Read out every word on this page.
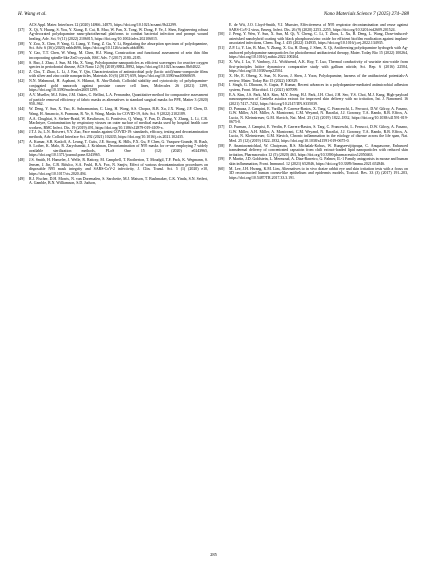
H. Wang et al.	Nano Materials Science 7 (2025) 274–288
ACS Appl. Mater. Interfaces 12 (2020) 14866–14875, https://doi.org/10.1021/acsami.9b22299.
[37] X. Qi, Y. Huang, S. You, Y. Xiang, E. Cai, R. Mao, W. Pan, X. Tong, W. Dong, F. Ye, J. Shen, Engineering robust Ag-decorated polydopamine nano-photothermal platforms to combat bacterial infection and prompt wound healing, Adv. Sci. 9 (11) (2022) 2106015, https://doi.org/10.1002/advs.202106015.
[38] Y. Zou, X. Chen, P. Yang, G. Liang, Y. Yang, Z. Gu, Y. Li, Regulating the absorption spectrum of polydopamine, Sci. Adv. 6 (36) (2020) eabb4696, https://doi.org/10.1126/sciadv.abb4696.
[39] Y. Cao, T.T. Chen, W. Wang, M. Chen, H.J. Wang, Construction and functional assessment of zein thin film incorporating spindle-like ZnO crystals, RSC Adv. 7 (2017) 2180–2185.
[40] S. Bao, J. Zhao, J. Sun, M. Hu, X. Yang, Polydopamine nanoparticles as efficient scavengers for reactive oxygen species in periodontal disease, ACS Nano 12 (9) (2018) 8882–8892, https://doi.org/10.1021/acsnano.8b04022.
[41] Z. Chu, T. Zhao, L. Li, J. Fan, Y. Qin, Characterization of antimicrobial poly (lactic acid)/nano-composite films with silver and zinc oxide nanoparticles, Materials 10 (6) (2017) 659, https://doi.org/10.3390/ma10060659.
[42] N.N. Mahmoud, H. Aqabani, S. Hikmat, R. Abu-Dahab, Colloidal stability and cytotoxicity of polydopamine-conjugated gold nanorods against prostate cancer cell lines, Molecules 26 (2021) 1299, https://doi.org/10.3390/molecules26051299.
[43] A.V. Mueller, M.J. Eden, J.M. Oakes, C. Bellini, L.A. Fernandez, Quantitative method for comparative assessment of particle removal efficiency of fabric masks as alternatives to standard surgical masks for PPE, Matter 3 (2020) 950–962.
[44] W. Deng, Y. Sun, X. Yao, K. Subramanian, C. Ling, H. Wang, S.S. Chopra, B.B. Xu, J.X. Wang, J.F. Chen, D. Wang, H. Amancio, S. Pramana, R. Ye, S. Wang, Masks for COVID-19, Adv. Sci. 9 (2022) 2102189.
[45] A.A. Chughtai, S. Stelzer-Braid, W. Rawlinson, G. Pontivivo, Q. Wang, Y. Pan, D. Zhang, Y. Zhang, L. Li, C.R. MacIntyre, Contamination by respiratory viruses on outer surface of medical masks used by hospital health care workers, BMC Infect. Dis. 19 (2019) 491, https://doi.org/10.1186/s12879-019-4109-x.
[46] J.T.J. Ju, L.N. Boisvert, Y.Y. Zuo, Face masks against COVID-19: standards, efficacy, testing and decontamination methods, Adv. Colloid Interface Sci. 292 (2021) 102435, https://doi.org/10.1016/j.cis.2021.102435.
[47] A. Kumar, S.B. Kasloff, A. Leung, T. Cutts, J.E. Strong, K. Hills, F.X. Gu, P. Chen, G. Vazquez-Grande, B. Rush, S. Lother, K. Malo, R. Zarychanski, J. Krishnan, Decontamination of N95 masks for re-use employing 7 widely available sterilization methods, PLoS One 15 (12) (2020) e0243965, https://doi.org/10.1371/journal.pone.0243965.
[48] J.S. Smith, H. Hanseler, J. Welle, R. Rattray, M. Campbell, T. Brotherton, T. Moudgil, T.F. Pack, K. Wegmann, S. Jensen, J. Jin, C.B. Bifulco, S.A. Fruhl, B.A. Fox, N. Sanjiv, Effect of various decontamination procedures on disposable N95 mask integrity and SARS-CoV-2 infectivity, J. Clin. Transl. Sci. 5 (1) (2020) e10, https://doi.org/10.1017/cts.2020.494.
[49] R.J. Fischer, D.H. Morris, N. van Doremalen, S. Sarchette, M.J. Matson, T. Bushmaker, C.K. Yinda, S.N. Seifert, A. Gamble, B.N. Williamson, S.D. Judson,
E. de Wit, J.O. Lloyd-Smith, V.J. Munster, Effectiveness of N95 respirator decontamination and reuse against SARS-CoV-2 virus, Emerg. Infect. Dis. 26 (9) (2020) 2253–2255, https://doi.org/10.3201/eid2609.201524.
[50] J. Peng, Y. Wen, Y. Sun, X. Sun, M. Qi, Y. Cheng, C. Li, T. Zhou, L. Xu, B. Deng, L. Wang, Dose-induced-asterisked nanohybrid coating with black phosphorus/zinc oxide for efficient biofilm eradication against implant-associated infections, Chem. Eng. J. 435 (2022) 134935, https://doi.org/10.1016/j.cej.2022.134935.
[51] Z.P. Li, Y. Lin, B. Mao, Y. Zhang, X. Gu, H. Dong, J. Shen, X. Qi, Antifreezing polydopamine hydrogels with Ag-anchored polydopamine nanoparticles for photothermal antibacterial therapy, Mater. Today Bio 15 (2022) 100264, https://doi.org/10.1016/j.mtbio.2022.100264.
[52] X. Wu, J. Lu, V. Vanbroy, J.L. Wohlwend, A.K. Roy, T. Luo, Thermal conductivity of wurtzite zinc-oxide from first-principles lattice dynamics-a comparative study with gallium nitride, Sci. Rep. 6 (2016) 22504, https://doi.org/10.1038/srep22504.
[53] X. He, E. Obeng, X. Sun, N. Kwon, J. Shen, J. Yoon, Polydopamine, harness of the antibacterial potentials-A review, Mater. Today Bio 15 (2022) 100329.
[54] I. Singh, G. Dhawan, S. Gupta, P. Kumar, Recent advances in a polydopamine-mediated antimicrobial adhesion system, Front. Microbiol. 11 (2021) 607099.
[55] E.A. Kim, J.S. Park, M.S. Kim, M.Y. Jeong, H.J. Park, J.H. Choi, J.H. Seo, Y.S. Choi, M.J. Kang, High-payload nanosuspension of Centella asiatica extract for improved skin delivery with no irritation, Int. J. Nanomed. 16 (2021) 7417–7432, https://doi.org/10.2147/IJN.S335039.
[56] D. Pamuza, J. Campini, E. Varilla, P. Carrera-Bastos, X. Tang, C. Franceschi, L. Ferrucci, D.W. Gilroy, A. Fasano, G.W. Miller, A.H. Miller, A. Mantovani, C.M. Weyand, N. Barzilai, J.J. Goronzy, T.A. Rando, R.B. Effros, A. Lucia, N. Kleinstreuer, G.M. Slavich, Nat. Med. 25 (12) (2019) 1822–1832, https://doi.org/10.1038/s41591-019-0675-0.
[57] D. Furman, J. Campisi, E. Verdin, P. Carrera-Bastos, S. Targ, C. Franceschi, L. Ferrucci, D.W. Gilroy, A. Fasano, G.W. Miller, A.H. Miller, A. Mantovani, C.M. Weyand, N. Barzilai, J.J. Goronzy, T.A. Rando, R.B. Effros, A. Lucia, N. Kleinstreuer, G.M. Slavich, Chronic inflammation in the etiology of disease across the life span, Nat. Med. 25 (12) (2019) 1822–1832, https://doi.org/10.1038/s41591-019-0675-0.
[58] P. Anantawanichkul, W. Chaiyasan, B.S. Michalak-Kobus, W. Rungseevijitprapa, C. Anupasorne, Enhanced transdermal delivery of concentrated capsaicin from chili extract-loaded lipid nanoparticles with reduced skin irritation, Pharmaceutics 12 (5) (2020) 463, https://doi.org/10.3390/pharmaceutics12050463.
[59] P. Martin, J.D. Goldstein, L. Mermoud, A. Diaz-Barreiro, G. Palmer, IL-1 Family antagonists in mouse and human skin inflammation, Front. Immunol. 12 (2021) 652846, https://doi.org/10.3389/fimmu.2021.652846.
[60] M. Lee, J.H. Hwang, K.M. Lim, Alternatives to in vivo draize rabbit eye and skin irritation tests with a focus on 3D reconstructed human cornea-like epithelium and epidermis models, Toxicol. Res. 33 (3) (2017) 191–203, https://doi.org/10.5487/TR.2017.33.3.191.
285
